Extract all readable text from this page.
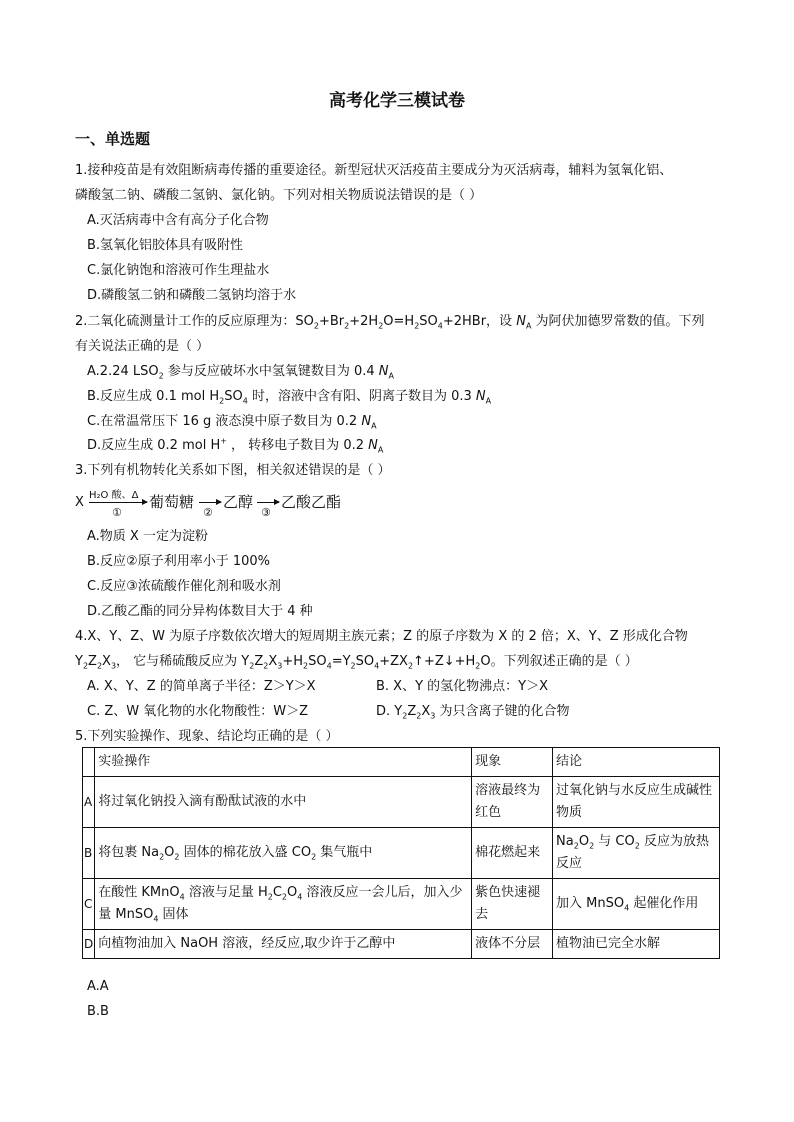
高考化学三模试卷
一、单选题
1.接种疫苗是有效阻断病毒传播的重要途径。新型冠状灭活疫苗主要成分为灭活病毒，辅料为氢氧化铝、
磷酸氢二钠、磷酸二氢钠、氯化钠。下列对相关物质说法错误的是（ ）
A.灭活病毒中含有高分子化合物
B.氢氧化铝胶体具有吸附性
C.氯化钠饱和溶液可作生理盐水
D.磷酸氢二钠和磷酸二氢钠均溶于水
2.二氧化硫测量计工作的反应原理为：$SO_2+Br_2+2H_2O=H_2SO_4+2HBr$，设 $N_A$ 为阿伏加德罗常数的值。下列
有关说法正确的是（ ）
A.2.24 $LSO_2$ 参与反应破坏水中氢氧键数目为 0.4 $N_A$
B.反应生成 0.1 mol $H_2SO_4$ 时，溶液中含有阳、阴离子数目为 0.3 $N_A$
C.在常温常压下 16 g 液态溴中原子数目为 0.2 $N_A$
D.反应生成 0.2 mol H+ ， 转移电子数目为 0.2 $N_A$
3.下列有机物转化关系如下图，相关叙述错误的是（ ）
X H₂O 酸、Δ
①
葡萄糖
②
乙醇
③
乙酸乙酯
A.物质 X 一定为淀粉
B.反应②原子利用率小于 100%
C.反应③浓硫酸作催化剂和吸水剂
D.乙酸乙酯的同分异构体数目大于 4 种
4.X、Y、Z、W 为原子序数依次增大的短周期主族元素；Z 的原子序数为 X 的 2 倍；X、Y、Z 形成化合物
$Y_2Z_2X_3$， 它与稀硫酸反应为 $Y_2Z_2X_3+H_2SO_4=Y_2SO_4+ZX_2↑+Z↓+H_2O$。下列叙述正确的是（ ）
A. X、Y、Z 的简单离子半径：Z＞Y＞X	B. X、Y 的氢化物沸点：Y＞X
C. Z、W 氧化物的水化物酸性：W＞Z	D. $Y_2Z_2X_3$ 为只含离子键的化合物
5.下列实验操作、现象、结论均正确的是（ ）
	实验操作	现象	结论
A	将过氧化钠投入滴有酚酞试液的水中	溶液最终为红色	过氧化钠与水反应生成碱性物质
B	将包裹 $Na_2O_2$ 固体的棉花放入盛 $CO_2$ 集气瓶中	棉花燃起来	$Na_2O_2$ 与 $CO_2$ 反应为放热反应
C	在酸性 KMnO$_4$ 溶液与足量 $H_2C_2O_4$ 溶液反应一会儿后，加入少量 MnSO$_4$ 固体	紫色快速褪去	加入 MnSO$_4$ 起催化作用
D	向植物油加入 NaOH 溶液，经反应,取少许于乙醇中	液体不分层	植物油已完全水解
A.A
B.B
